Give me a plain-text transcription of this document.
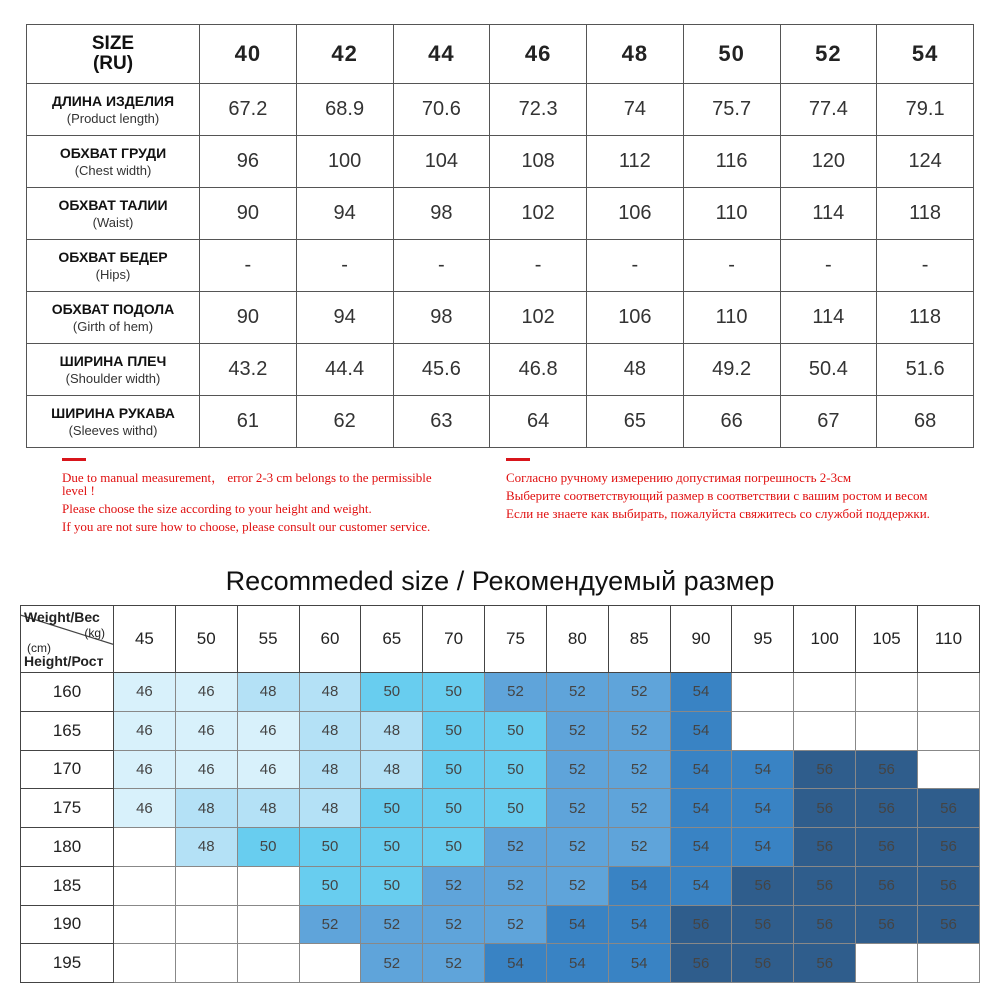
SIZE
(RU)	40	42	44	46	48	50	52	54

ДЛИНА ИЗДЕЛИЯ
(Product length)	67.2	68.9	70.6	72.3	74	75.7	77.4	79.1

ОБХВАТ ГРУДИ
(Chest width)	96	100	104	108	112	116	120	124

ОБХВАТ ТАЛИИ
(Waist)	90	94	98	102	106	110	114	118

ОБХВАТ БЕДЕР
(Hips)	-	-	-	-	-	-	-	-

ОБХВАТ ПОДОЛА
(Girth of hem)	90	94	98	102	106	110	114	118

ШИРИНА ПЛЕЧ
(Shoulder width)	43.2	44.4	45.6	46.8	48	49.2	50.4	51.6

ШИРИНА РУКАВА
(Sleeves withd)	61	62	63	64	65	66	67	68

Due to manual measurement， error 2-3 cm belongs to the permissible level !

Please choose the size according to your height and weight.

If you are not sure how to choose, please consult our customer service.

Согласно ручному измерению допустимая погрешность 2-3см

Выберите соответствующий размер в соответствии с вашим ростом и весом

Если не знаете как выбирать, пожалуйста свяжитесь со службой поддержки.

Recommeded size / Рекомендуемый размер
Weight/Вес
(kg)
(cm)
Height/Рост	45	50	55	60	65	70	75	80	85	90	95	100	105	110
160	46	46	48	48	50	50	52	52	52	54				
165	46	46	46	48	48	50	50	52	52	54				
170	46	46	46	48	48	50	50	52	52	54	54	56	56	
175	46	48	48	48	50	50	50	52	52	54	54	56	56	56
180		48	50	50	50	50	52	52	52	54	54	56	56	56
185				50	50	52	52	52	54	54	56	56	56	56
190				52	52	52	52	54	54	56	56	56	56	56
195					52	52	54	54	54	56	56	56		
